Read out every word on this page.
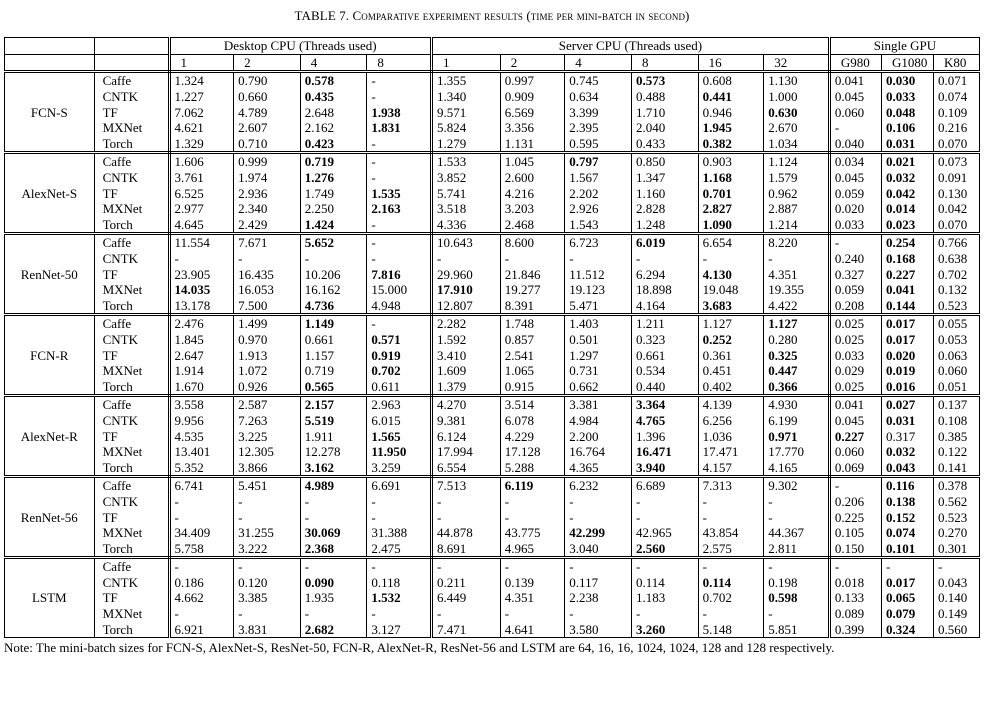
TABLE 7. Comparative experiment results (time per mini-batch in second)
		Desktop CPU (Threads used)				Server CPU (Threads used)						Single GPU		
		1	2	4	8	1	2	4	8	16	32	G980	G1080	K80
FCN-S	Caffe	1.324	0.790	0.578	-	1.355	0.997	0.745	0.573	0.608	1.130	0.041	0.030	0.071
	CNTK	1.227	0.660	0.435	-	1.340	0.909	0.634	0.488	0.441	1.000	0.045	0.033	0.074
	TF	7.062	4.789	2.648	1.938	9.571	6.569	3.399	1.710	0.946	0.630	0.060	0.048	0.109
	MXNet	4.621	2.607	2.162	1.831	5.824	3.356	2.395	2.040	1.945	2.670	-	0.106	0.216
	Torch	1.329	0.710	0.423	-	1.279	1.131	0.595	0.433	0.382	1.034	0.040	0.031	0.070
AlexNet-S	Caffe	1.606	0.999	0.719	-	1.533	1.045	0.797	0.850	0.903	1.124	0.034	0.021	0.073
	CNTK	3.761	1.974	1.276	-	3.852	2.600	1.567	1.347	1.168	1.579	0.045	0.032	0.091
	TF	6.525	2.936	1.749	1.535	5.741	4.216	2.202	1.160	0.701	0.962	0.059	0.042	0.130
	MXNet	2.977	2.340	2.250	2.163	3.518	3.203	2.926	2.828	2.827	2.887	0.020	0.014	0.042
	Torch	4.645	2.429	1.424	-	4.336	2.468	1.543	1.248	1.090	1.214	0.033	0.023	0.070
RenNet-50	Caffe	11.554	7.671	5.652	-	10.643	8.600	6.723	6.019	6.654	8.220	-	0.254	0.766
	CNTK	-	-	-	-	-	-	-	-	-	-	0.240	0.168	0.638
	TF	23.905	16.435	10.206	7.816	29.960	21.846	11.512	6.294	4.130	4.351	0.327	0.227	0.702
	MXNet	14.035	16.053	16.162	15.000	17.910	19.277	19.123	18.898	19.048	19.355	0.059	0.041	0.132
	Torch	13.178	7.500	4.736	4.948	12.807	8.391	5.471	4.164	3.683	4.422	0.208	0.144	0.523
FCN-R	Caffe	2.476	1.499	1.149	-	2.282	1.748	1.403	1.211	1.127	1.127	0.025	0.017	0.055
	CNTK	1.845	0.970	0.661	0.571	1.592	0.857	0.501	0.323	0.252	0.280	0.025	0.017	0.053
	TF	2.647	1.913	1.157	0.919	3.410	2.541	1.297	0.661	0.361	0.325	0.033	0.020	0.063
	MXNet	1.914	1.072	0.719	0.702	1.609	1.065	0.731	0.534	0.451	0.447	0.029	0.019	0.060
	Torch	1.670	0.926	0.565	0.611	1.379	0.915	0.662	0.440	0.402	0.366	0.025	0.016	0.051
AlexNet-R	Caffe	3.558	2.587	2.157	2.963	4.270	3.514	3.381	3.364	4.139	4.930	0.041	0.027	0.137
	CNTK	9.956	7.263	5.519	6.015	9.381	6.078	4.984	4.765	6.256	6.199	0.045	0.031	0.108
	TF	4.535	3.225	1.911	1.565	6.124	4.229	2.200	1.396	1.036	0.971	0.227	0.317	0.385
	MXNet	13.401	12.305	12.278	11.950	17.994	17.128	16.764	16.471	17.471	17.770	0.060	0.032	0.122
	Torch	5.352	3.866	3.162	3.259	6.554	5.288	4.365	3.940	4.157	4.165	0.069	0.043	0.141
RenNet-56	Caffe	6.741	5.451	4.989	6.691	7.513	6.119	6.232	6.689	7.313	9.302	-	0.116	0.378
	CNTK	-	-	-	-	-	-	-	-	-	-	0.206	0.138	0.562
	TF	-	-	-	-	-	-	-	-	-	-	0.225	0.152	0.523
	MXNet	34.409	31.255	30.069	31.388	44.878	43.775	42.299	42.965	43.854	44.367	0.105	0.074	0.270
	Torch	5.758	3.222	2.368	2.475	8.691	4.965	3.040	2.560	2.575	2.811	0.150	0.101	0.301
LSTM	Caffe	-	-	-	-	-	-	-	-	-	-	-	-	-
	CNTK	0.186	0.120	0.090	0.118	0.211	0.139	0.117	0.114	0.114	0.198	0.018	0.017	0.043
	TF	4.662	3.385	1.935	1.532	6.449	4.351	2.238	1.183	0.702	0.598	0.133	0.065	0.140
	MXNet	-	-	-	-	-	-	-	-	-	-	0.089	0.079	0.149
	Torch	6.921	3.831	2.682	3.127	7.471	4.641	3.580	3.260	5.148	5.851	0.399	0.324	0.560
Note: The mini-batch sizes for FCN-S, AlexNet-S, ResNet-50, FCN-R, AlexNet-R, ResNet-56 and LSTM are 64, 16, 16, 1024, 1024, 128 and 128 respectively.
